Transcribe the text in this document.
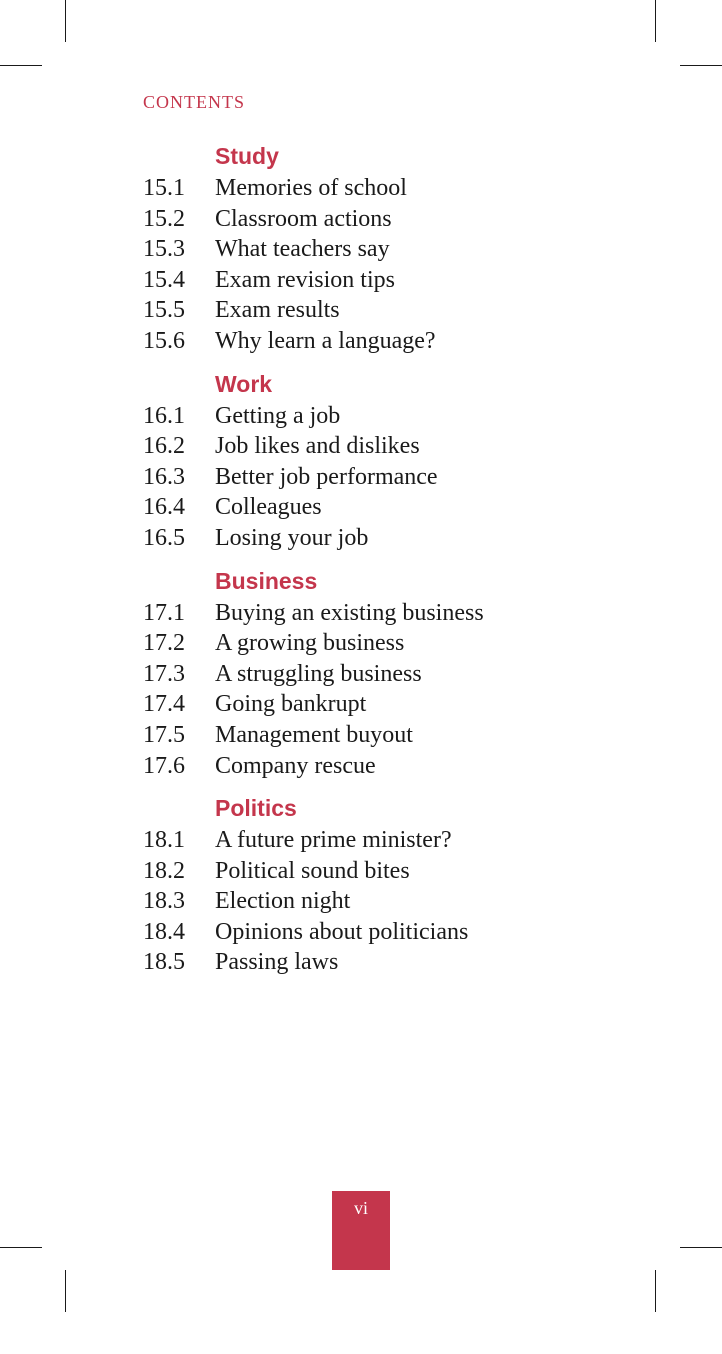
CONTENTS
Study
15.1	Memories of school
15.2	Classroom actions
15.3	What teachers say
15.4	Exam revision tips
15.5	Exam results
15.6	Why learn a language?
Work
16.1	Getting a job
16.2	Job likes and dislikes
16.3	Better job performance
16.4	Colleagues
16.5	Losing your job
Business
17.1	Buying an existing business
17.2	A growing business
17.3	A struggling business
17.4	Going bankrupt
17.5	Management buyout
17.6	Company rescue
Politics
18.1	A future prime minister?
18.2	Political sound bites
18.3	Election night
18.4	Opinions about politicians
18.5	Passing laws
vi
